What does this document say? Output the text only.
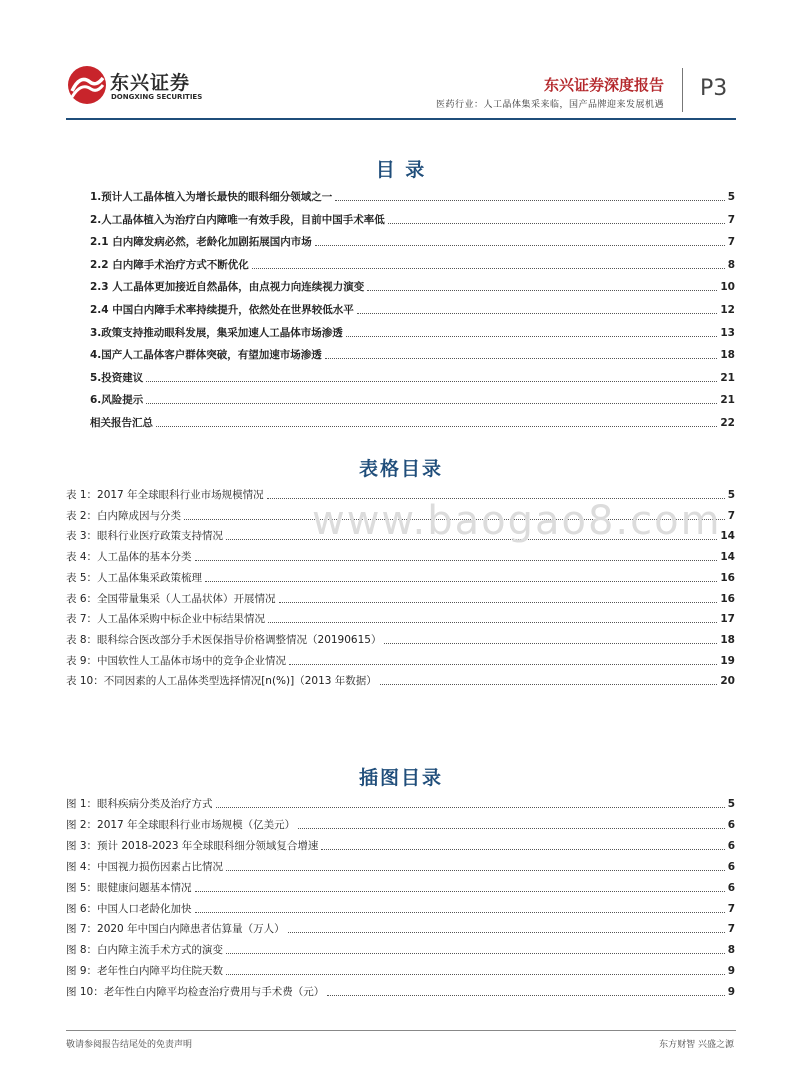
东兴证券
DONGXING SECURITIES
东兴证券深度报告
医药行业：人工晶体集采来临，国产品牌迎来发展机遇
P3
目 录
1.预计人工晶体植入为增长最快的眼科细分领域之一	5
2.人工晶体植入为治疗白内障唯一有效手段，目前中国手术率低	7
2.1 白内障发病必然，老龄化加剧拓展国内市场	7
2.2 白内障手术治疗方式不断优化	8
2.3 人工晶体更加接近自然晶体，由点视力向连续视力演变	10
2.4 中国白内障手术率持续提升，依然处在世界较低水平	12
3.政策支持推动眼科发展，集采加速人工晶体市场渗透	13
4.国产人工晶体客户群体突破，有望加速市场渗透	18
5.投资建议	21
6.风险提示	21
相关报告汇总	22
表格目录
表 1：2017 年全球眼科行业市场规模情况	5
表 2：白内障成因与分类	7
表 3：眼科行业医疗政策支持情况	14
表 4：人工晶体的基本分类	14
表 5：人工晶体集采政策梳理	16
表 6：全国带量集采（人工晶状体）开展情况	16
表 7：人工晶体采购中标企业中标结果情况	17
表 8：眼科综合医改部分手术医保指导价格调整情况（20190615）	18
表 9：中国软性人工晶体市场中的竞争企业情况	19
表 10：不同因素的人工晶体类型选择情况[n(%)]（2013 年数据）	20
www.baogao8.com
插图目录
图 1：眼科疾病分类及治疗方式	5
图 2：2017 年全球眼科行业市场规模（亿美元）	6
图 3：预计 2018-2023 年全球眼科细分领域复合增速	6
图 4：中国视力损伤因素占比情况	6
图 5：眼健康问题基本情况	6
图 6：中国人口老龄化加快	7
图 7：2020 年中国白内障患者估算量（万人）	7
图 8：白内障主流手术方式的演变	8
图 9：老年性白内障平均住院天数	9
图 10：老年性白内障平均检查治疗费用与手术费（元）	9
敬请参阅报告结尾处的免责声明	东方财智 兴盛之源
